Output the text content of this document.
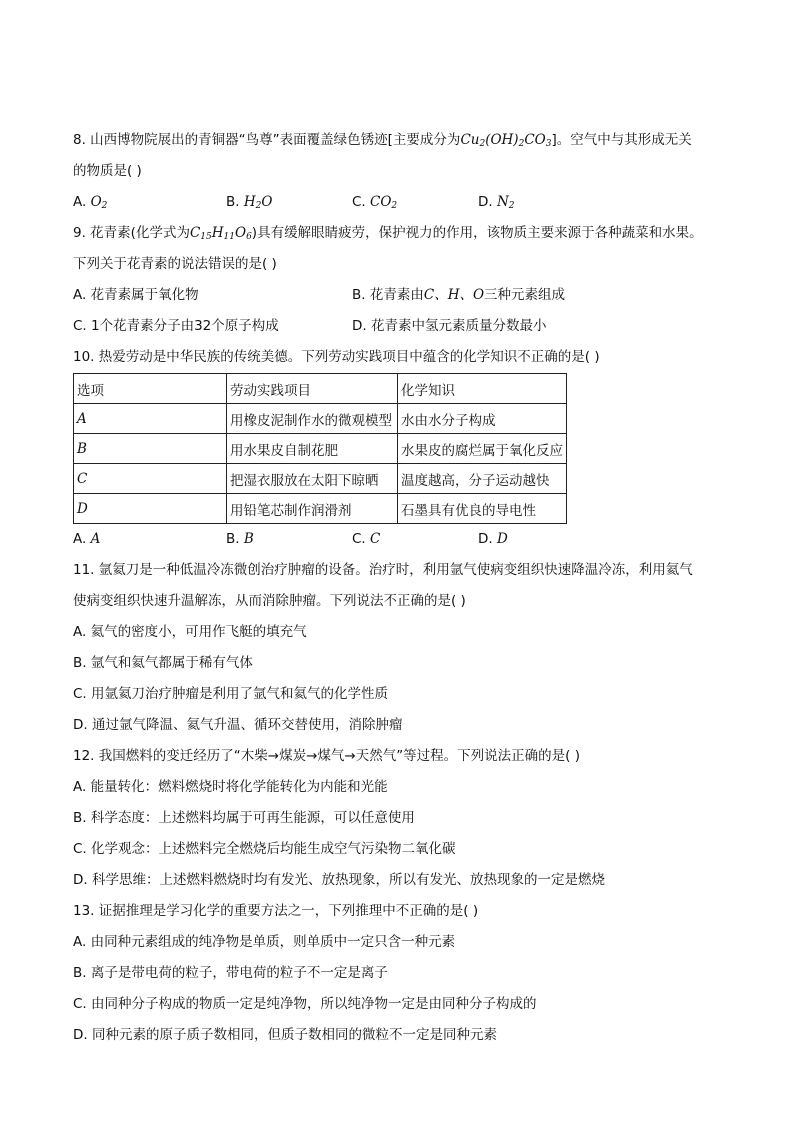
8. 山西博物院展出的青铜器“鸟尊”表面覆盖绿色锈迹[主要成分为$Cu_2(OH)_2CO_3$]。空气中与其形成无关
的物质是( )
A. $O_2$	B. $H_2O$	C. $CO_2$	D. $N_2$
9. 花青素(化学式为$C_{15}H_{11}O_6$)具有缓解眼睛疲劳，保护视力的作用，该物质主要来源于各种蔬菜和水果。
下列关于花青素的说法错误的是( )
A. 花青素属于氧化物	B. 花青素由C、H、O三种元素组成
C. 1个花青素分子由32个原子构成	D. 花青素中氢元素质量分数最小
10. 热爱劳动是中华民族的传统美德。下列劳动实践项目中蕴含的化学知识不正确的是( )
选项	劳动实践项目	化学知识
A	用橡皮泥制作水的微观模型	水由水分子构成
B	用水果皮自制花肥	水果皮的腐烂属于氧化反应
C	把湿衣服放在太阳下晾晒	温度越高，分子运动越快
D	用铅笔芯制作润滑剂	石墨具有优良的导电性
A. A	B. B	C. C	D. D
11. 氩氦刀是一种低温冷冻微创治疗肿瘤的设备。治疗时，利用氩气使病变组织快速降温冷冻，利用氦气
使病变组织快速升温解冻，从而消除肿瘤。下列说法不正确的是( )
A. 氦气的密度小，可用作飞艇的填充气
B. 氩气和氦气都属于稀有气体
C. 用氩氦刀治疗肿瘤是利用了氩气和氦气的化学性质
D. 通过氩气降温、氦气升温、循环交替使用，消除肿瘤
12. 我国燃料的变迁经历了“木柴→煤炭→煤气→天然气”等过程。下列说法正确的是( )
A. 能量转化：燃料燃烧时将化学能转化为内能和光能
B. 科学态度：上述燃料均属于可再生能源，可以任意使用
C. 化学观念：上述燃料完全燃烧后均能生成空气污染物二氧化碳
D. 科学思维：上述燃料燃烧时均有发光、放热现象，所以有发光、放热现象的一定是燃烧
13. 证据推理是学习化学的重要方法之一，下列推理中不正确的是( )
A. 由同种元素组成的纯净物是单质，则单质中一定只含一种元素
B. 离子是带电荷的粒子，带电荷的粒子不一定是离子
C. 由同种分子构成的物质一定是纯净物，所以纯净物一定是由同种分子构成的
D. 同种元素的原子质子数相同，但质子数相同的微粒不一定是同种元素
